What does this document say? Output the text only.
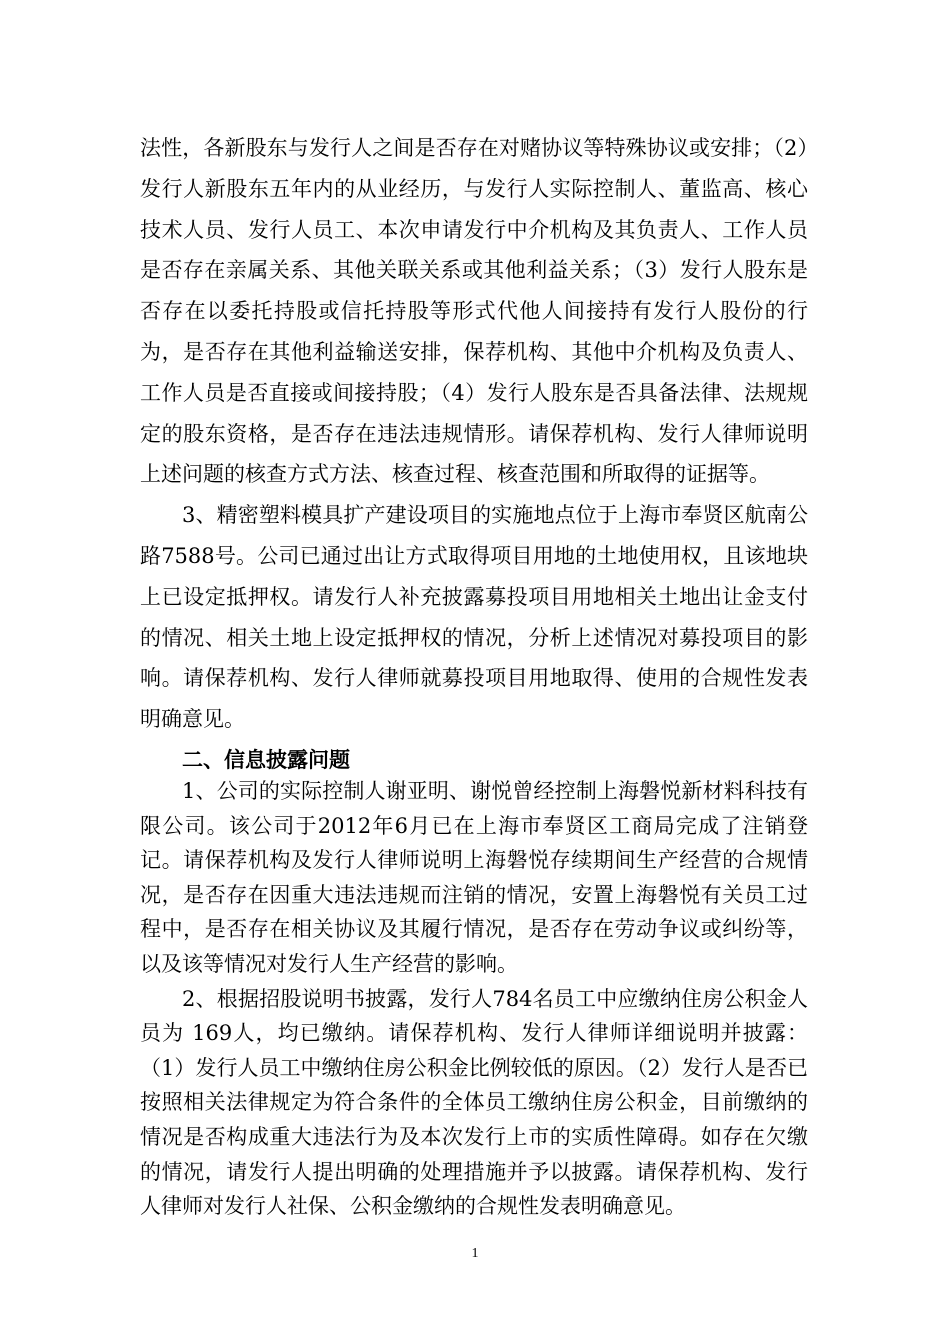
法性，各新股东与发行人之间是否存在对赌协议等特殊协议或安排；（2）发行人新股东五年内的从业经历，与发行人实际控制人、董监高、核心技术人员、发行人员工、本次申请发行中介机构及其负责人、工作人员是否存在亲属关系、其他关联关系或其他利益关系；（3）发行人股东是否存在以委托持股或信托持股等形式代他人间接持有发行人股份的行为，是否存在其他利益输送安排，保荐机构、其他中介机构及负责人、工作人员是否直接或间接持股；（4）发行人股东是否具备法律、法规规定的股东资格，是否存在违法违规情形。请保荐机构、发行人律师说明上述问题的核查方式方法、核查过程、核查范围和所取得的证据等。

3、精密塑料模具扩产建设项目的实施地点位于上海市奉贤区航南公路7588号。公司已通过出让方式取得项目用地的土地使用权，且该地块上已设定抵押权。请发行人补充披露募投项目用地相关土地出让金支付的情况、相关土地上设定抵押权的情况，分析上述情况对募投项目的影响。请保荐机构、发行人律师就募投项目用地取得、使用的合规性发表明确意见。

二、信息披露问题

1、公司的实际控制人谢亚明、谢悦曾经控制上海磐悦新材料科技有限公司。该公司于2012年6月已在上海市奉贤区工商局完成了注销登记。请保荐机构及发行人律师说明上海磐悦存续期间生产经营的合规情况，是否存在因重大违法违规而注销的情况，安置上海磐悦有关员工过程中，是否存在相关协议及其履行情况，是否存在劳动争议或纠纷等，以及该等情况对发行人生产经营的影响。

2、根据招股说明书披露，发行人784名员工中应缴纳住房公积金人员为 169人，均已缴纳。请保荐机构、发行人律师详细说明并披露：（1）发行人员工中缴纳住房公积金比例较低的原因。（2）发行人是否已按照相关法律规定为符合条件的全体员工缴纳住房公积金，目前缴纳的情况是否构成重大违法行为及本次发行上市的实质性障碍。如存在欠缴的情况，请发行人提出明确的处理措施并予以披露。请保荐机构、发行人律师对发行人社保、公积金缴纳的合规性发表明确意见。

1
